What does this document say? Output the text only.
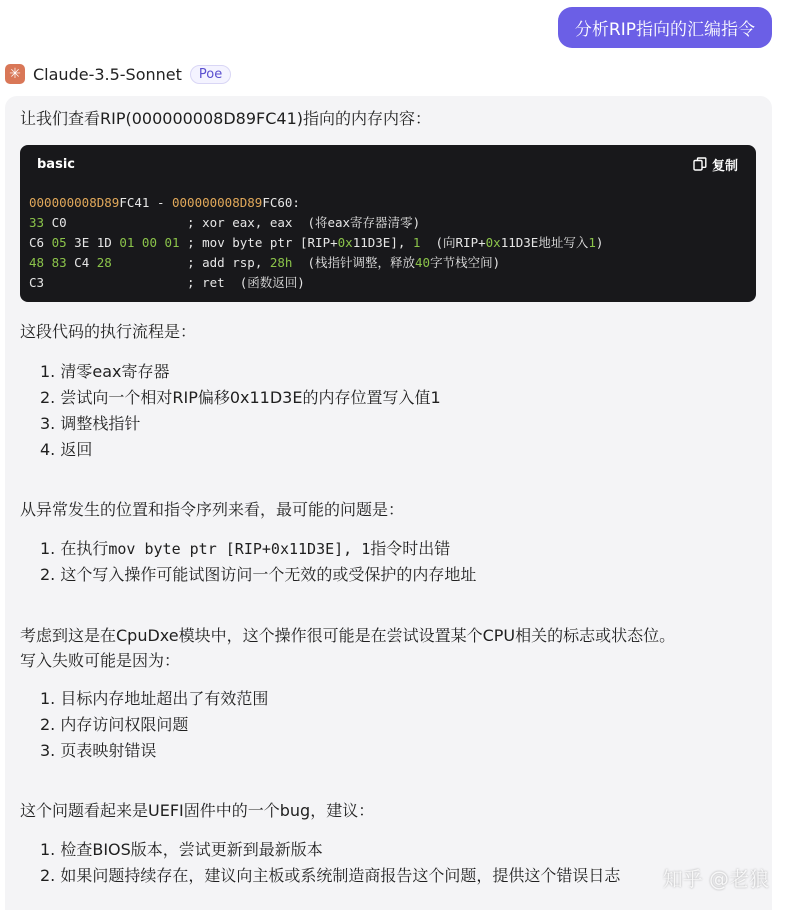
分析RIP指向的汇编指令
✳ Claude-3.5-Sonnet	Poe
让我们查看RIP(000000008D89FC41)指向的内存内容：
basic	复制
000000008D89FC41 - 000000008D89FC60:
33 C0                ; xor eax, eax  (将eax寄存器清零)
C6 05 3E 1D 01 00 01 ; mov byte ptr [RIP+0x11D3E], 1  (向RIP+0x11D3E地址写入1)
48 83 C4 28          ; add rsp, 28h  (栈指针调整，释放40字节栈空间)
C3                   ; ret  (函数返回)
这段代码的执行流程是：
1. 清零eax寄存器
2. 尝试向一个相对RIP偏移0x11D3E的内存位置写入值1
3. 调整栈指针
4. 返回
从异常发生的位置和指令序列来看，最可能的问题是：
1. 在执行mov byte ptr [RIP+0x11D3E], 1指令时出错
2. 这个写入操作可能试图访问一个无效的或受保护的内存地址
考虑到这是在CpuDxe模块中，这个操作很可能是在尝试设置某个CPU相关的标志或状态位。
写入失败可能是因为：
1. 目标内存地址超出了有效范围
2. 内存访问权限问题
3. 页表映射错误
这个问题看起来是UEFI固件中的一个bug，建议：
1. 检查BIOS版本，尝试更新到最新版本
2. 如果问题持续存在，建议向主板或系统制造商报告这个问题，提供这个错误日志 知乎 @老狼
